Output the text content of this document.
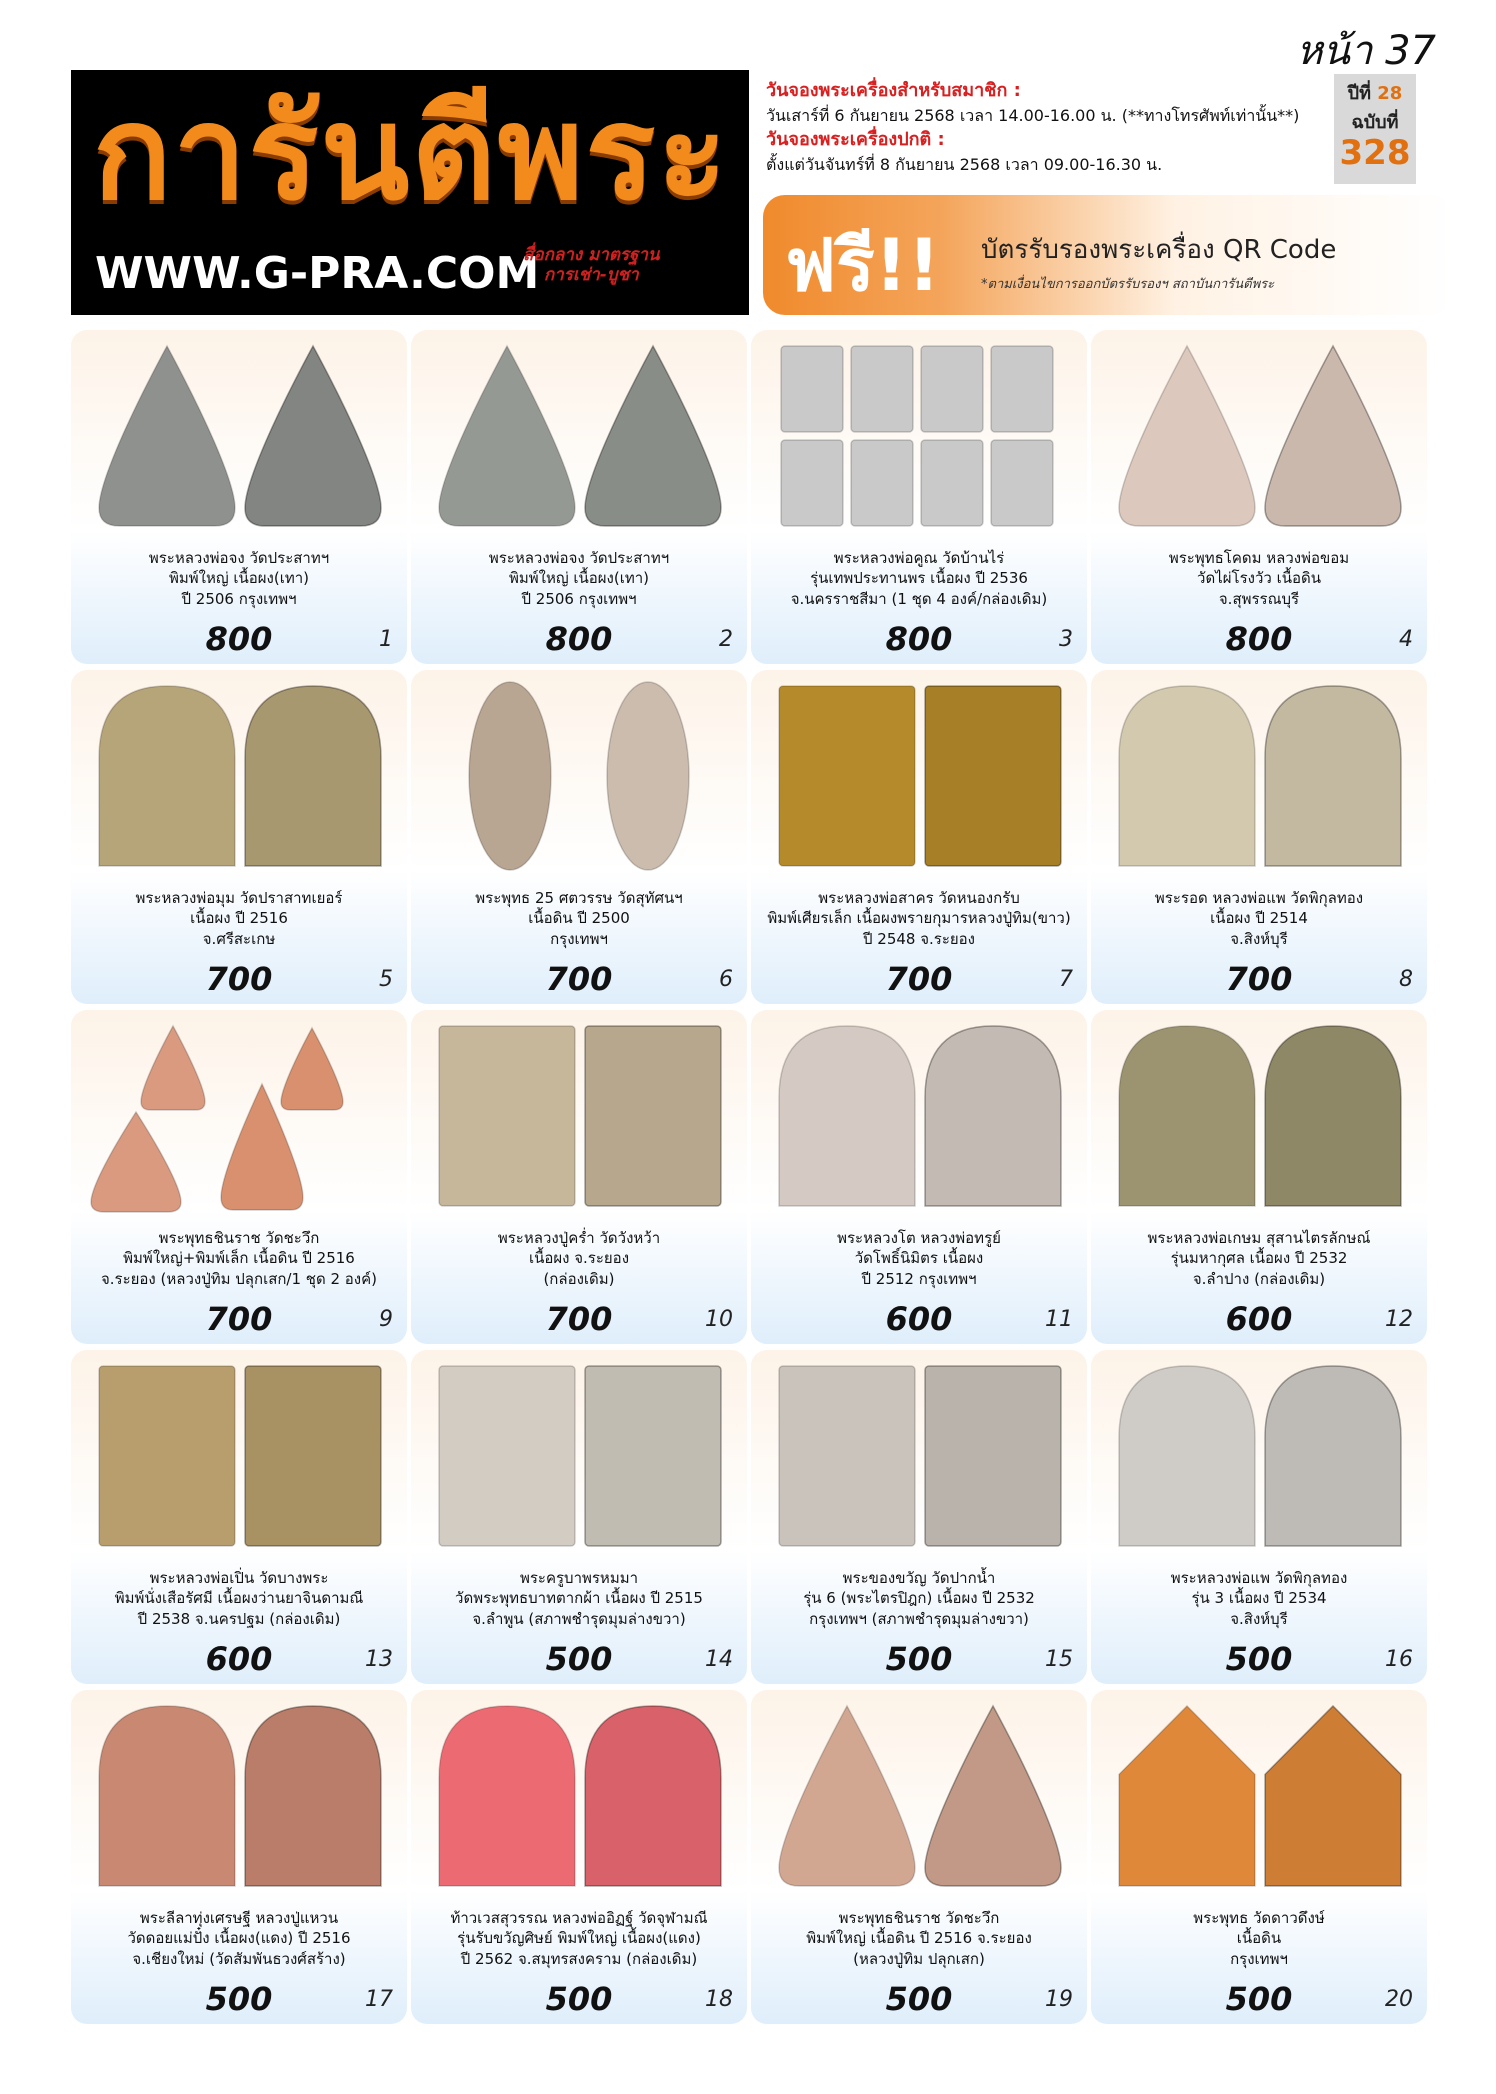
หน้า 37
การันตีพระ
WWW.G-PRA.COM
สื่อกลาง มาตรฐาน
การเช่า-บูชา
วันจองพระเครื่องสำหรับสมาชิก :
วันเสาร์ที่ 6 กันยายน 2568 เวลา 14.00-16.00 น. (**ทางโทรศัพท์เท่านั้น**)
วันจองพระเครื่องปกติ :
ตั้งแต่วันจันทร์ที่ 8 กันยายน 2568 เวลา 09.00-16.30 น.
ปีที่ 28
ฉบับที่
328
ฟรี!! บัตรรับรองพระเครื่อง QR Code
*ตามเงื่อนไขการออกบัตรรับรองฯ สถาบันการันตีพระ
พระหลวงพ่อจง วัดประสาทฯ
พิมพ์ใหญ่ เนื้อผง(เทา)
ปี 2506 กรุงเทพฯ
800	1
พระหลวงพ่อจง วัดประสาทฯ
พิมพ์ใหญ่ เนื้อผง(เทา)
ปี 2506 กรุงเทพฯ
800	2
พระหลวงพ่อคูณ วัดบ้านไร่
รุ่นเทพประทานพร เนื้อผง ปี 2536
จ.นครราชสีมา (1 ชุด 4 องค์/กล่องเดิม)
800	3
พระพุทธโคดม หลวงพ่อขอม
วัดไผ่โรงวัว เนื้อดิน
จ.สุพรรณบุรี
800	4
พระหลวงพ่อมุม วัดปราสาทเยอร์
เนื้อผง ปี 2516
จ.ศรีสะเกษ
700	5
พระพุทธ 25 ศตวรรษ วัดสุทัศนฯ
เนื้อดิน ปี 2500
กรุงเทพฯ
700	6
พระหลวงพ่อสาคร วัดหนองกรับ
พิมพ์เศียรเล็ก เนื้อผงพรายกุมารหลวงปู่ทิม(ขาว)
ปี 2548 จ.ระยอง
700	7
พระรอด หลวงพ่อแพ วัดพิกุลทอง
เนื้อผง ปี 2514
จ.สิงห์บุรี
700	8
พระพุทธชินราช วัดชะวึก
พิมพ์ใหญ่+พิมพ์เล็ก เนื้อดิน ปี 2516
จ.ระยอง (หลวงปู่ทิม ปลุกเสก/1 ชุด 2 องค์)
700	9
พระหลวงปู่คร่ำ วัดวังหว้า
เนื้อผง จ.ระยอง
(กล่องเดิม)
700	10
พระหลวงโต หลวงพ่อทรูย์
วัดโพธิ์นิมิตร เนื้อผง
ปี 2512 กรุงเทพฯ
600	11
พระหลวงพ่อเกษม สุสานไตรลักษณ์
รุ่นมหากุศล เนื้อผง ปี 2532
จ.ลำปาง (กล่องเดิม)
600	12
พระหลวงพ่อเปิ่น วัดบางพระ
พิมพ์นั่งเสือรัศมี เนื้อผงว่านยาจินดามณี
ปี 2538 จ.นครปฐม (กล่องเดิม)
600	13
พระครูบาพรหมมา
วัดพระพุทธบาทตากผ้า เนื้อผง ปี 2515
จ.ลำพูน (สภาพชำรุดมุมล่างขวา)
500	14
พระของขวัญ วัดปากน้ำ
รุ่น 6 (พระไตรปิฎก) เนื้อผง ปี 2532
กรุงเทพฯ (สภาพชำรุดมุมล่างขวา)
500	15
พระหลวงพ่อแพ วัดพิกุลทอง
รุ่น 3 เนื้อผง ปี 2534
จ.สิงห์บุรี
500	16
พระลีลาทุ่งเศรษฐี หลวงปู่แหวน
วัดดอยแม่ปั๋ง เนื้อผง(แดง) ปี 2516
จ.เชียงใหม่ (วัดสัมพันธวงศ์สร้าง)
500	17
ท้าวเวสสุวรรณ หลวงพ่ออิฏฐ์ วัดจุฬามณี
รุ่นรับขวัญศิษย์ พิมพ์ใหญ่ เนื้อผง(แดง)
ปี 2562 จ.สมุทรสงคราม (กล่องเดิม)
500	18
พระพุทธชินราช วัดชะวึก
พิมพ์ใหญ่ เนื้อดิน ปี 2516 จ.ระยอง
(หลวงปู่ทิม ปลุกเสก)
500	19
พระพุทธ วัดดาวดึงษ์
เนื้อดิน
กรุงเทพฯ
500	20
